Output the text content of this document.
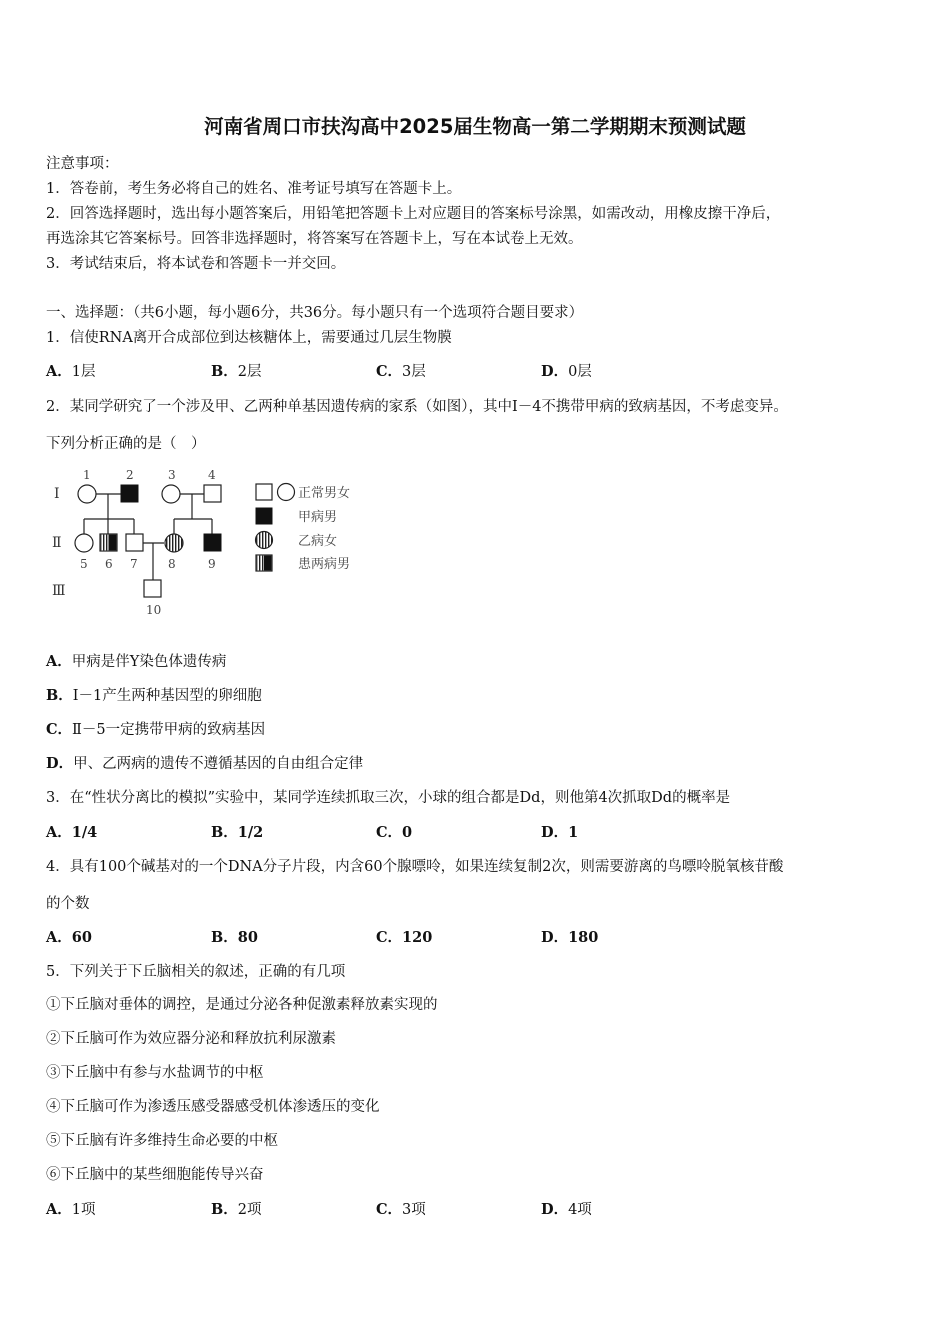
河南省周口市扶沟高中2025届生物高一第二学期期末预测试题
注意事项：
1．答卷前，考生务必将自己的姓名、准考证号填写在答题卡上。
2．回答选择题时，选出每小题答案后，用铅笔把答题卡上对应题目的答案标号涂黑，如需改动，用橡皮擦干净后，
再选涂其它答案标号。回答非选择题时，将答案写在答题卡上，写在本试卷上无效。
3．考试结束后，将本试卷和答题卡一并交回。
一、选择题：（共6小题，每小题6分，共36分。每小题只有一个选项符合题目要求）
1．信使RNA离开合成部位到达核糖体上，需要通过几层生物膜
A．1层	B．2层	C．3层	D．0层
2．某同学研究了一个涉及甲、乙两种单基因遗传病的家系（如图），其中Ⅰ－4不携带甲病的致病基因，不考虑变异。
下列分析正确的是（　）
Ⅰ
Ⅱ
Ⅲ
1	2	3	4
5 6 7	8	9
10
正常男女
甲病男
乙病女
患两病男
A．甲病是伴Y染色体遗传病
B．Ⅰ－1产生两种基因型的卵细胞
C．Ⅱ－5一定携带甲病的致病基因
D．甲、乙两病的遗传不遵循基因的自由组合定律
3．在“性状分离比的模拟”实验中，某同学连续抓取三次，小球的组合都是Dd，则他第4次抓取Dd的概率是
A．1/4	B．1/2	C．0	D．1
4．具有100个碱基对的一个DNA分子片段，内含60个腺嘌呤，如果连续复制2次，则需要游离的鸟嘌呤脱氧核苷酸
的个数
A．60	B．80	C．120	D．180
5．下列关于下丘脑相关的叙述，正确的有几项
①下丘脑对垂体的调控，是通过分泌各种促激素释放素实现的
②下丘脑可作为效应器分泌和释放抗利尿激素
③下丘脑中有参与水盐调节的中枢
④下丘脑可作为渗透压感受器感受机体渗透压的变化
⑤下丘脑有许多维持生命必要的中枢
⑥下丘脑中的某些细胞能传导兴奋
A．1项	B．2项	C．3项	D．4项
